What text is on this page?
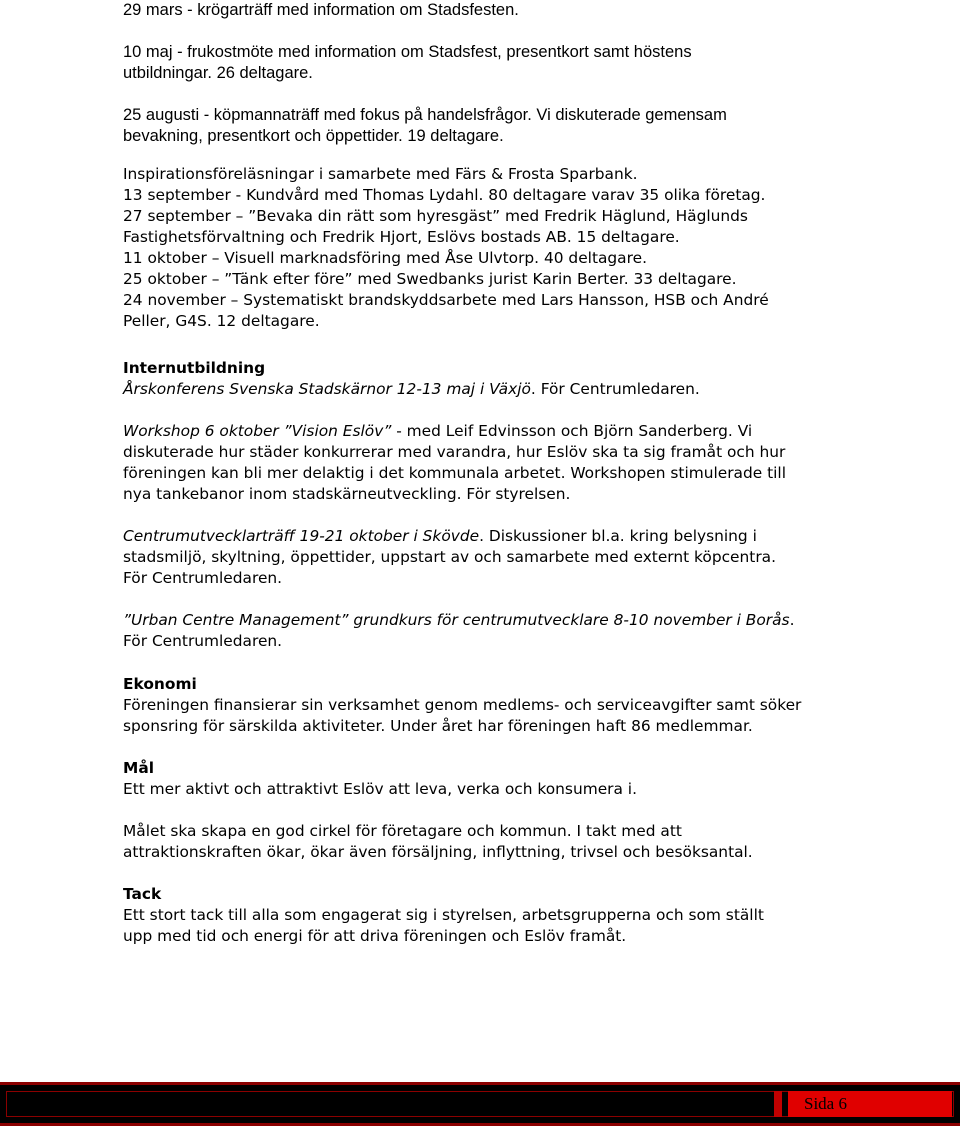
29 mars - krögarträff med information om Stadsfesten.

10 maj - frukostmöte med information om Stadsfest, presentkort samt höstens

utbildningar. 26 deltagare.

25 augusti - köpmannaträff med fokus på handelsfrågor. Vi diskuterade gemensam

bevakning, presentkort och öppettider. 19 deltagare.

Inspirationsföreläsningar i samarbete med Färs & Frosta Sparbank.

13 september - Kundvård med Thomas Lydahl. 80 deltagare varav 35 olika företag.

27 september – ”Bevaka din rätt som hyresgäst” med Fredrik Häglund, Häglunds

Fastighetsförvaltning och Fredrik Hjort, Eslövs bostads AB. 15 deltagare.

11 oktober – Visuell marknadsföring med Åse Ulvtorp. 40 deltagare.

25 oktober – ”Tänk efter före” med Swedbanks jurist Karin Berter. 33 deltagare.

24 november – Systematiskt brandskyddsarbete med Lars Hansson, HSB och André

Peller, G4S. 12 deltagare.

Internutbildning

Årskonferens Svenska Stadskärnor 12-13 maj i Växjö. För Centrumledaren.

Workshop 6 oktober ”Vision Eslöv” - med Leif Edvinsson och Björn Sanderberg. Vi

diskuterade hur städer konkurrerar med varandra, hur Eslöv ska ta sig framåt och hur

föreningen kan bli mer delaktig i det kommunala arbetet. Workshopen stimulerade till

nya tankebanor inom stadskärneutveckling. För styrelsen.

Centrumutvecklarträff 19-21 oktober i Skövde. Diskussioner bl.a. kring belysning i

stadsmiljö, skyltning, öppettider, uppstart av och samarbete med externt köpcentra.

För Centrumledaren.

”Urban Centre Management” grundkurs för centrumutvecklare 8-10 november i Borås.

För Centrumledaren.

Ekonomi

Föreningen finansierar sin verksamhet genom medlems- och serviceavgifter samt söker

sponsring för särskilda aktiviteter. Under året har föreningen haft 86 medlemmar.

Mål

Ett mer aktivt och attraktivt Eslöv att leva, verka och konsumera i.

Målet ska skapa en god cirkel för företagare och kommun. I takt med att

attraktionskraften ökar, ökar även försäljning, inflyttning, trivsel och besöksantal.

Tack

Ett stort tack till alla som engagerat sig i styrelsen, arbetsgrupperna och som ställt

upp med tid och energi för att driva föreningen och Eslöv framåt.

Sida 6
